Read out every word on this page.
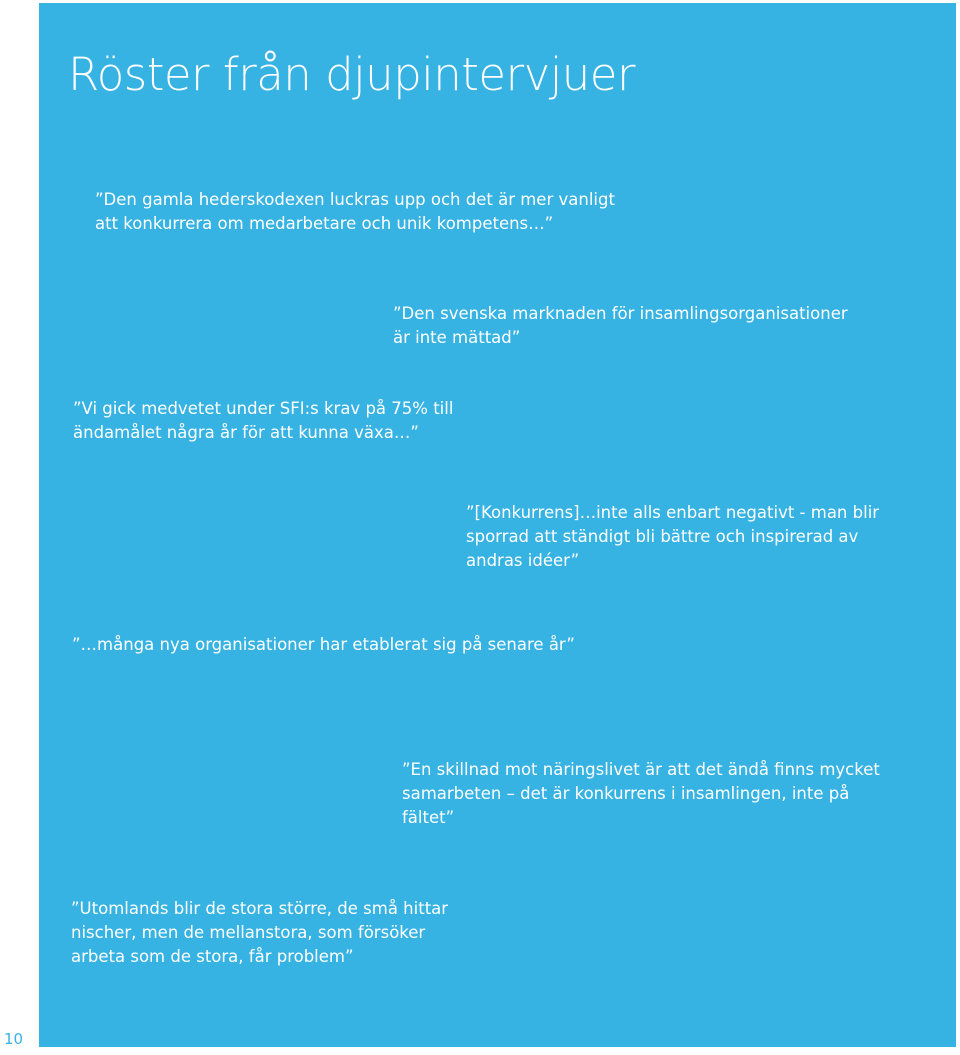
Röster från djupintervjuer

”Den gamla hederskodexen luckras upp och det är mer vanligt
att konkurrera om medarbetare och unik kompetens…”

”Den svenska marknaden för insamlingsorganisationer
är inte mättad”

”Vi gick medvetet under SFI:s krav på 75% till
ändamålet några år för att kunna växa…”

”[Konkurrens]…inte alls enbart negativt - man blir
sporrad att ständigt bli bättre och inspirerad av
andras idéer”

”…många nya organisationer har etablerat sig på senare år”

”En skillnad mot näringslivet är att det ändå finns mycket
samarbeten – det är konkurrens i insamlingen, inte på
fältet”

”Utomlands blir de stora större, de små hittar
nischer, men de mellanstora, som försöker
arbeta som de stora, får problem”

10
